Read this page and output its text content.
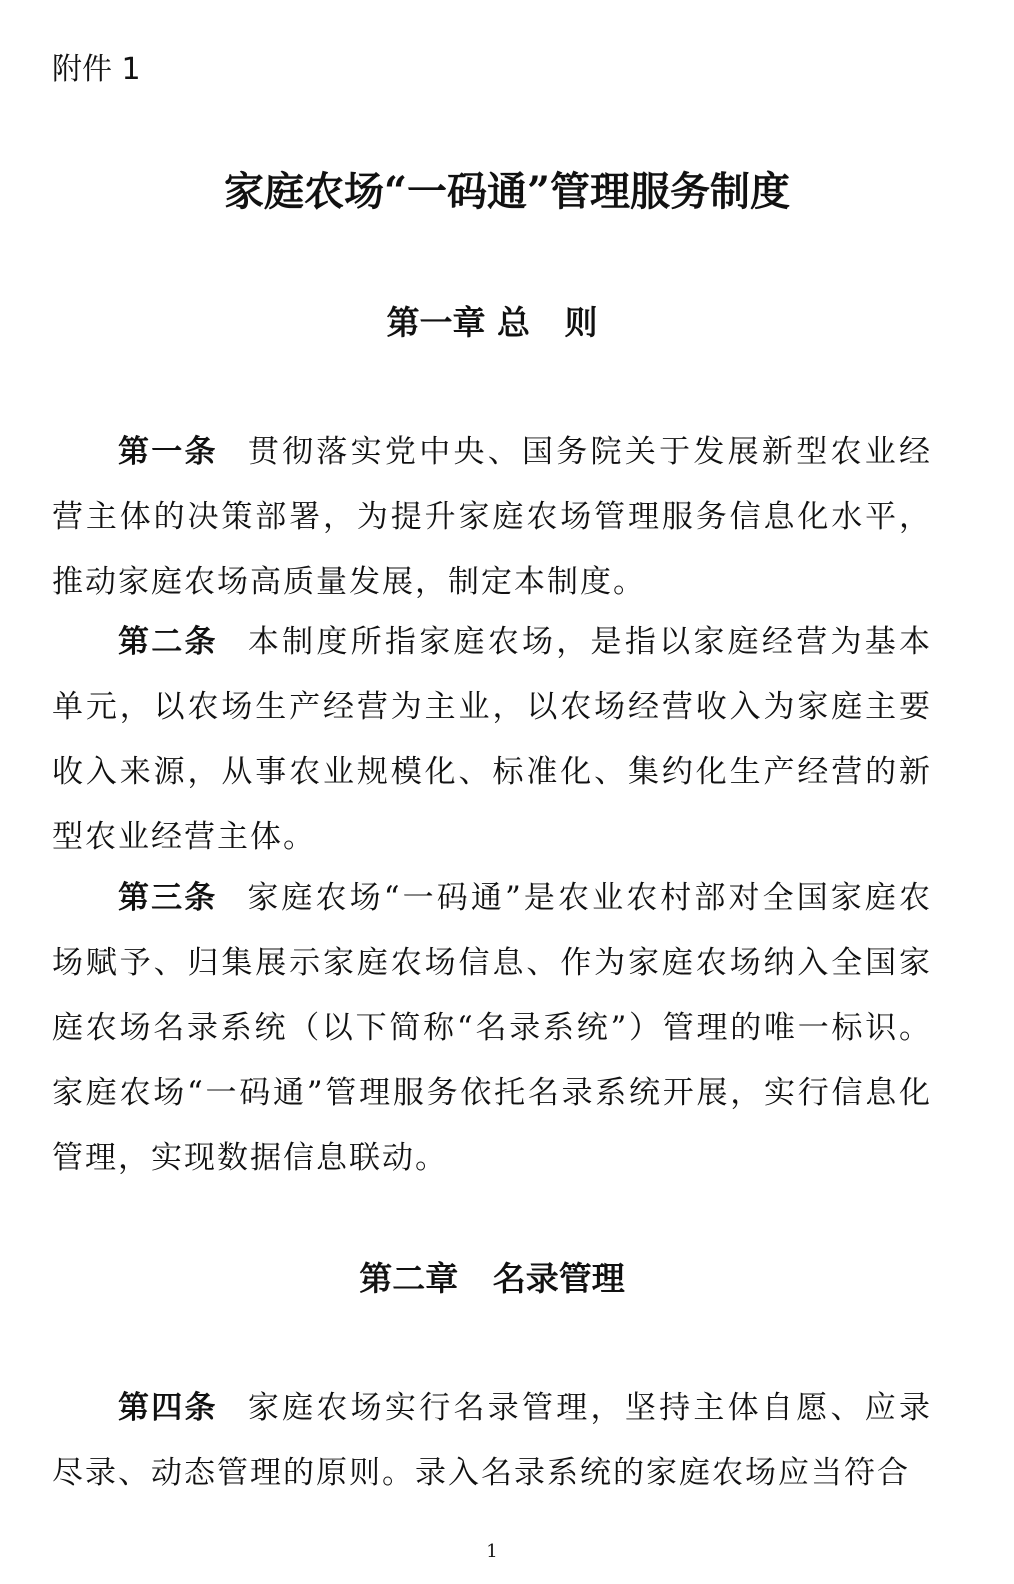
附件 1
家庭农场“一码通”管理服务制度
第一章 总   则

第一条 贯彻落实党中央、国务院关于发展新型农业经营主体的决策部署，为提升家庭农场管理服务信息化水平，推动家庭农场高质量发展，制定本制度。

第二条 本制度所指家庭农场，是指以家庭经营为基本单元，以农场生产经营为主业，以农场经营收入为家庭主要收入来源，从事农业规模化、标准化、集约化生产经营的新型农业经营主体。

第三条 家庭农场“一码通”是农业农村部对全国家庭农场赋予、归集展示家庭农场信息、作为家庭农场纳入全国家庭农场名录系统（以下简称“名录系统”）管理的唯一标识。家庭农场“一码通”管理服务依托名录系统开展，实行信息化管理，实现数据信息联动。

第二章   名录管理

第四条 家庭农场实行名录管理，坚持主体自愿、应录尽录、动态管理的原则。录入名录系统的家庭农场应当符合

1
